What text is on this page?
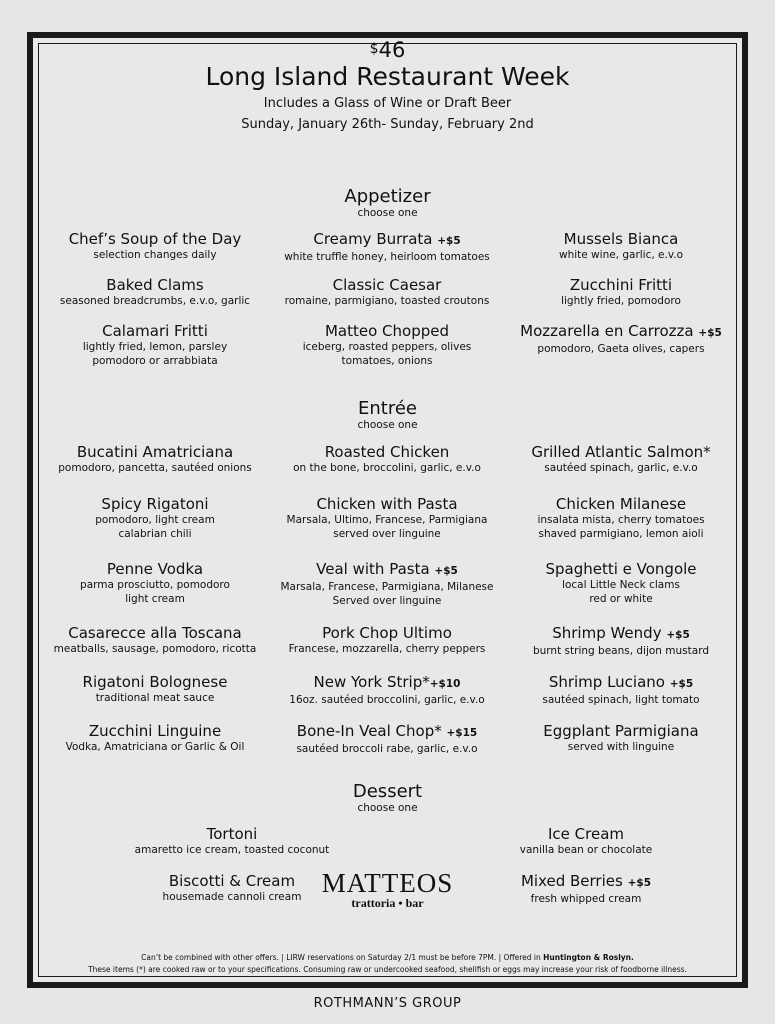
$46
Long Island Restaurant Week
Includes a Glass of Wine or Draft Beer
Sunday, January 26th- Sunday, February 2nd
Appetizer
choose one
Entrée
choose one
Dessert
choose one
MATTEOS
trattoria • bar
Can’t be combined with other offers. | LIRW reservations on Saturday 2/1 must be before 7PM. | Offered in Huntington & Roslyn.
These items (*) are cooked raw or to your specifications. Consuming raw or undercooked seafood, shellfish or eggs may increase your risk of foodborne illness.
ROTHMANN’S GROUP
Chef’s Soup of the Day
selection changes daily
Creamy Burrata +$5
white truffle honey, heirloom tomatoes
Mussels Bianca
white wine, garlic, e.v.o
Baked Clams
seasoned breadcrumbs, e.v.o, garlic
Classic Caesar
romaine, parmigiano, toasted croutons
Zucchini Fritti
lightly fried, pomodoro
Calamari Fritti
lightly fried, lemon, parsley
pomodoro or arrabbiata
Matteo Chopped
iceberg, roasted peppers, olives
tomatoes, onions
Mozzarella en Carrozza +$5
pomodoro, Gaeta olives, capers
Bucatini Amatriciana
pomodoro, pancetta, sautéed onions
Roasted Chicken
on the bone, broccolini, garlic, e.v.o
Grilled Atlantic Salmon*
sautéed spinach, garlic, e.v.o
Spicy Rigatoni
pomodoro, light cream
calabrian chili
Chicken with Pasta
Marsala, Ultimo, Francese, Parmigiana
served over linguine
Chicken Milanese
insalata mista, cherry tomatoes
shaved parmigiano, lemon aioli
Penne Vodka
parma prosciutto, pomodoro
light cream
Veal with Pasta +$5
Marsala, Francese, Parmigiana, Milanese
Served over linguine
Spaghetti e Vongole
local Little Neck clams
red or white
Casarecce alla Toscana
meatballs, sausage, pomodoro, ricotta
Pork Chop Ultimo
Francese, mozzarella, cherry peppers
Shrimp Wendy +$5
burnt string beans, dijon mustard
Rigatoni Bolognese
traditional meat sauce
New York Strip*+$10
16oz. sautéed broccolini, garlic, e.v.o
Shrimp Luciano +$5
sautéed spinach, light tomato
Zucchini Linguine
Vodka, Amatriciana or Garlic & Oil
Bone-In Veal Chop* +$15
sautéed broccoli rabe, garlic, e.v.o
Eggplant Parmigiana
served with linguine
Tortoni
amaretto ice cream, toasted coconut
Ice Cream
vanilla bean or chocolate
Biscotti & Cream
housemade cannoli cream
Mixed Berries +$5
fresh whipped cream
